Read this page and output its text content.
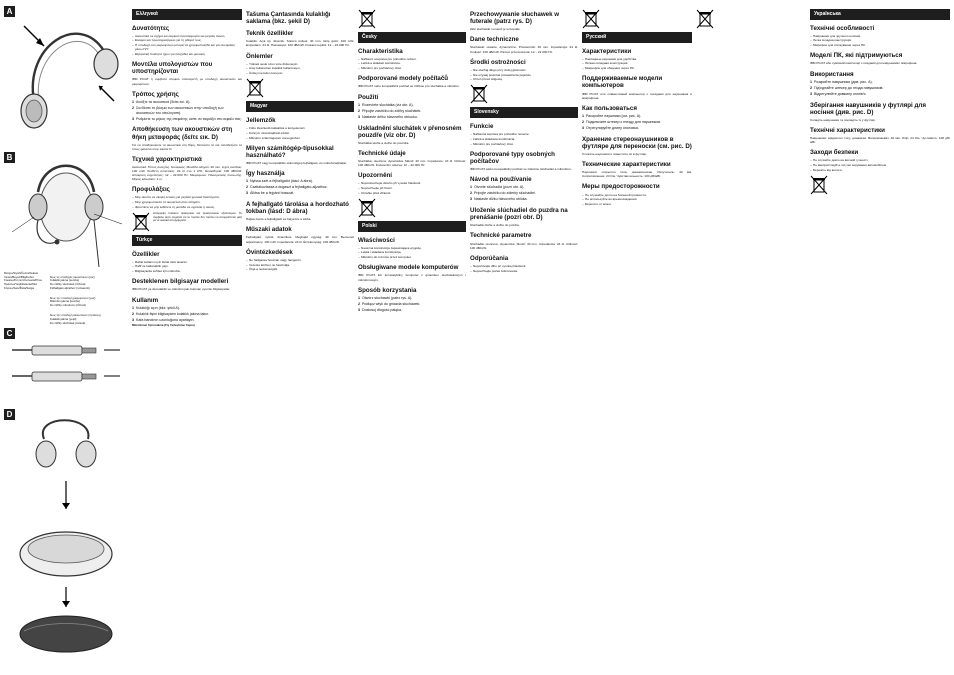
A
B
Μαύρο/Siyah/Černá/Fekete
Λευκό/Beyaz/Bílá/Fehér
Κόκκινο/Kırmızı/Červená/Piros
Πράσινο/Yeşil/Zelená/Zöld
Κίτρινο/Sarı/Žlutá/Sárga

Έως τις υποδοχές ακουστικών (ροζ)
Kulaklık jakına (pembe)
Do zdířky sluchátek (růžová)
Fülhallgató aljzathoz (rózsaszín)

Έως την υποδοχή μικροφώνου (ροζ)
Mikrofon jakına (pembe)
Do zdířky mikrofonu (růžová)

Έως την υποδοχή ακουστικών (πράσινη)
Kulaklık jakına (yeşil)
Do zdířky sluchátek (zelená)

C
D
Ελληνικά
Δυνατότητες
– Ακουστικά σε σχήμα εσωτερικού προσαρμογέα για μεγάλη άνεση.
– Ελαφρύ και προσαρμοζόμενο για τη φθορά τους.
– Η υποδοχή του μικροφώνου μπορεί να χρησιμοποιηθεί και για συνομιλίες μέσω Η/Υ.
– Εξαιρετική ποιότητα ήχου για παιχνίδια και μουσική.
Μοντέλα υπολογιστών που υποστηρίζονται

IBM PC/AT ή συμβατό ατομικό υπολογιστή με υποδοχή ακουστικών και μικροφώνου.

Τρόπος χρήσης
1 Ανοίξτε τα ακουστικά (δείτε εικ. A).
2 Συνδέστε το βύσμα των ακουστικών στην υποδοχή των ακουστικών του υπολογιστή.
3 Ρυθμίστε το μήκος της στεφάνης ώστε να ταιριάζει στο κεφάλι σας.
Αποθήκευση των ακουστικών στη θήκη μεταφοράς (δείτε εικ. D)

Για να αποθηκεύσετε τα ακουστικά στη θήκη, διπλώστε τα και τοποθετήστε τα όπως φαίνεται στην εικόνα D.

Τεχνικά χαρακτηριστικά

Ακουστικά: Τύπος ανοιχτός, δυναμικός. Μονάδα οδηγού: 40 mm. Ισχύς εισόδου: 100 mW. Σύνθετη αντίσταση: 24 Ω στο 1 kHz. Ευαισθησία: 100 dB/mW. Απόκριση συχνότητας: 12 – 22.000 Hz. Μικρόφωνο: Ηλεκτρετικός πυκνωτής. Μήκος καλωδίου: 2 m.

Προφυλάξεις
– Μην ακούτε σε υψηλή ένταση για μεγάλα χρονικά διαστήματα.
– Μην χρησιμοποιείτε τα ακουστικά όταν οδηγείτε.
– Φροντίστε να μην εκθέτετε τη μονάδα σε υγρασία ή σκόνη.

Απόρριψη παλαιού ηλεκτρικού και ηλεκτρονικού εξοπλισμού. Το σύμβολο αυτό σημαίνει ότι το προϊόν δεν πρέπει να απορρίπτεται μαζί με τα οικιακά απορρίμματα.

Türkçe
Özellikler
– Rahat kullanım için kulak üstü tasarım.
– Hafif ve katlanabilir yapı.
– Bilgisayarda sohbet için mikrofon.
Desteklenen bilgisayar modelleri

IBM PC/AT ya da kulaklık ve mikrofon jakı bulunan uyumlu bilgisayarlar.

Kullanım
1 Kulaklığı açın (bkz. şekil A).
2 Kulaklık fişini bilgisayarın kulaklık jakına takın.
3 Kafa bandının uzunluğunu ayarlayın.

Mikrofonun fişini takma (Fiş Yerleştirme Yapısı)

Tašuma Çantasında kulaklığı saklama (bkz. şekil D)
Teknik özellikler

Kulaklık: Açık tip, dinamik. Sürücü ünitesi: 40 mm. Giriş gücü: 100 mW. Empedans: 24 Ω. Hassasiyet: 100 dB/mW. Frekans tepkisi: 12 – 22.000 Hz.

Önlemler
– Yüksek sesle uzun süre dinlemeyin.
– Araç kullanırken kulaklık kullanmayın.
– Üniteyi nemden koruyun.
Magyar
Jellemzők
– Fülre illeszkedő kialakítás a kényelemért.
– Könnyű, összehajtható kivitel.
– Mikrofon számítógépes csevegéshez.
Milyen számítógép-típusokkal használható?

IBM PC/AT vagy kompatibilis számítógép fejhallgató- és mikrofonaljzattal.

Így használja
1 Nyissa szét a fejhallgatót (lásd: A ábra).
2 Csatlakoztassa a dugaszt a fejhallgató-aljzathoz.
3 Állítsa be a fejpánt hosszát.
A fejhallgató tárolása a hordozható tokban (lásd: D ábra)

Hajtsa össze a fejhallgatót és helyezze a tokba.

Műszaki adatok

Fejhallgató: nyitott, dinamikus. Meghajtó egység: 40 mm. Bemeneti teljesítmény: 100 mW. Impedancia: 24 Ω. Érzékenység: 100 dB/mW.

Óvintézkedések
– Ne hallgassa hosszan nagy hangerőn.
– Vezetés közben ne használja.
– Óvja a nedvességtől.
Česky
Charakteristika
– Náhlavní souprava pro pohodlné nošení.
– Lehká a skládací konstrukce.
– Mikrofon pro počítačový chat.
Podporované modely počítačů

IBM PC/AT nebo kompatibilní počítač se zdířkou pro sluchátka a mikrofon.

Použití
1 Rozevřete sluchátka (viz obr. A).
2 Připojte zástrčku do zdířky sluchátek.
3 Nastavte délku hlavového oblouku.
Uskladnění sluchátek v přenosném pouzdře (viz obr. D)

Sluchátka složte a vložte do pouzdra.

Technické údaje

Sluchátka: otevřená, dynamická. Měnič: 40 mm. Impedance: 24 Ω. Citlivost: 100 dB/mW. Frekvenční odezva: 12 – 22 000 Hz.

Upozornění
– Neposlouchejte dlouho při vysoké hlasitosti.
– Nepoužívejte při řízení.
– Chraňte před vlhkostí.
Polski
Właściwości
– Nauszna konstrukcja zapewniająca wygodę.
– Lekka i składana konstrukcja.
– Mikrofon do rozmów przez komputer.
Obsługiwane modele komputerów

IBM PC/AT lub kompatybilny komputer z gniazdem słuchawkowym i mikrofonowym.

Sposób korzystania
1 Otwórz słuchawki (patrz rys. A).
2 Podłącz wtyk do gniazda słuchawek.
3 Dostosuj długość pałąka.
Przechowywanie słuchawek w futerale (patrz rys. D)

Złóż słuchawki i umieść je w futerale.

Dane techniczne

Słuchawki: otwarte, dynamiczne. Przetwornik: 40 mm. Impedancja: 24 Ω. Czułość: 100 dB/mW. Pasmo przenoszenia: 12 – 22 000 Hz.

Środki ostrożności
– Nie słuchaj długo przy dużej głośności.
– Nie używaj podczas prowadzenia pojazdu.
– Chroń przed wilgocią.
Slovensky
Funkcie
– Náhlavná súprava pre pohodlné nosenie.
– Ľahká a skladacia konštrukcia.
– Mikrofón pre počítačový chat.
Podporované typy osobných počítačov

IBM PC/AT alebo kompatibilný počítač so zdierkou slúchadiel a mikrofónu.

Návod na používanie
1 Otvorte slúchadlá (pozri obr. A).
2 Pripojte zástrčku do zdierky slúchadiel.
3 Nastavte dĺžku hlavového oblúka.
Uloženie slúchadiel do puzdra na prenášanie (pozri obr. D)

Slúchadlá zložte a vložte do puzdra.

Technické parametre

Slúchadlá: otvorené, dynamické. Menič: 40 mm. Impedancia: 24 Ω. Citlivosť: 100 dB/mW.

Odporúčania
– Nepočúvajte dlho pri vysokej hlasitosti.
– Nepoužívajte počas šoférovania.
Русский
Характеристики
– Накладные наушники для удобства.
– Лёгкая складная конструкция.
– Микрофон для общения через ПК.
Поддерживаемые модели компьютеров

IBM PC/AT или совместимый компьютер с гнёздами для наушников и микрофона.

Как пользоваться
1 Раскройте наушники (см. рис. A).
2 Подключите штекер к гнезду для наушников.
3 Отрегулируйте длину оголовья.
Хранение стереонаушников в футляре для переноски (см. рис. D)

Сложите наушники и поместите их в футляр.

Технические характеристики

Наушники: открытого типа, динамические. Излучатель: 40 мм. Сопротивление: 24 Ом. Чувствительность: 100 дБ/мВт.

Меры предосторожности
– Не слушайте долго на большой громкости.
– Не используйте во время вождения.
– Берегите от влаги.
Українська
Технічні особливості
– Навушники для зручного носіння.
– Легка складна конструкція.
– Мікрофон для спілкування через ПК.
Моделі ПК, які підтримуються

IBM PC/AT або сумісний комп'ютер з гніздами для навушників і мікрофона.

Використання
1 Розкрийте навушники (див. рис. A).
2 Під'єднайте штекер до гнізда навушників.
3 Відрегулюйте довжину оголів'я.
Зберігання навушників у футлярі для носіння (див. рис. D)

Складіть навушники та покладіть їх у футляр.

Технічні характеристики

Навушники: відкритого типу, динамічні. Випромінювач: 40 мм. Опір: 24 Ом. Чутливість: 100 дБ/мВт.

Заходи безпеки
– Не слухайте довго на високій гучності.
– Не використовуйте під час керування автомобілем.
– Бережіть від вологи.
